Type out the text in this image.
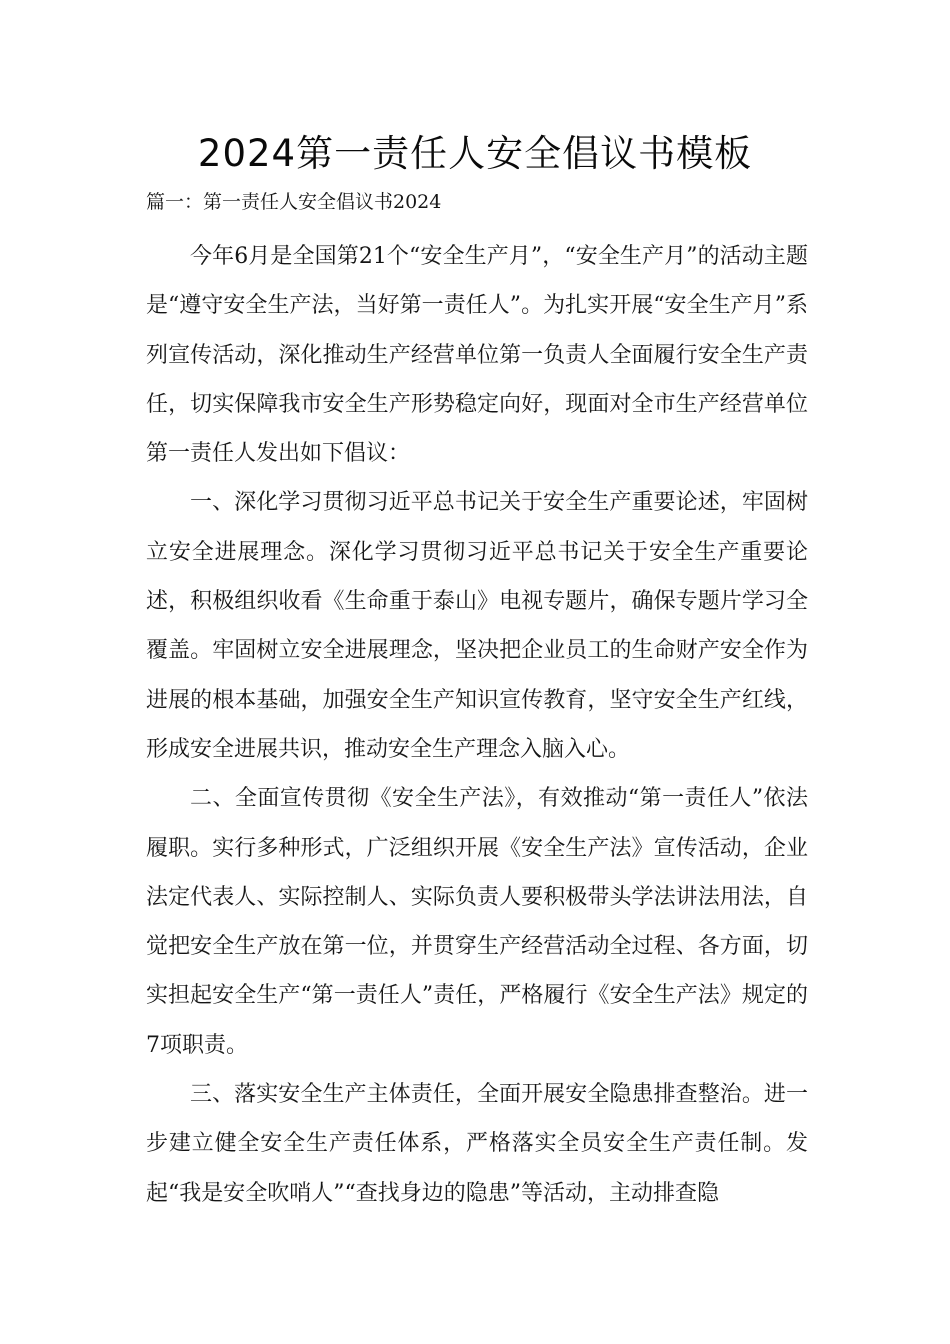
2024第一责任人安全倡议书模板
篇一：第一责任人安全倡议书2024

今年6月是全国第21个“安全生产月”，“安全生产月”的活动主题是“遵守安全生产法，当好第一责任人”。为扎实开展“安全生产月”系列宣传活动，深化推动生产经营单位第一负责人全面履行安全生产责任，切实保障我市安全生产形势稳定向好，现面对全市生产经营单位第一责任人发出如下倡议：

一、深化学习贯彻习近平总书记关于安全生产重要论述，牢固树立安全进展理念。深化学习贯彻习近平总书记关于安全生产重要论述，积极组织收看《生命重于泰山》电视专题片，确保专题片学习全覆盖。牢固树立安全进展理念，坚决把企业员工的生命财产安全作为进展的根本基础，加强安全生产知识宣传教育，坚守安全生产红线，形成安全进展共识，推动安全生产理念入脑入心。

二、全面宣传贯彻《安全生产法》，有效推动“第一责任人”依法履职。实行多种形式，广泛组织开展《安全生产法》宣传活动，企业法定代表人、实际控制人、实际负责人要积极带头学法讲法用法，自觉把安全生产放在第一位，并贯穿生产经营活动全过程、各方面，切实担起安全生产“第一责任人”责任，严格履行《安全生产法》规定的7项职责。

三、落实安全生产主体责任，全面开展安全隐患排查整治。进一步建立健全安全生产责任体系，严格落实全员安全生产责任制。发起“我是安全吹哨人”“查找身边的隐患”等活动，主动排查隐
